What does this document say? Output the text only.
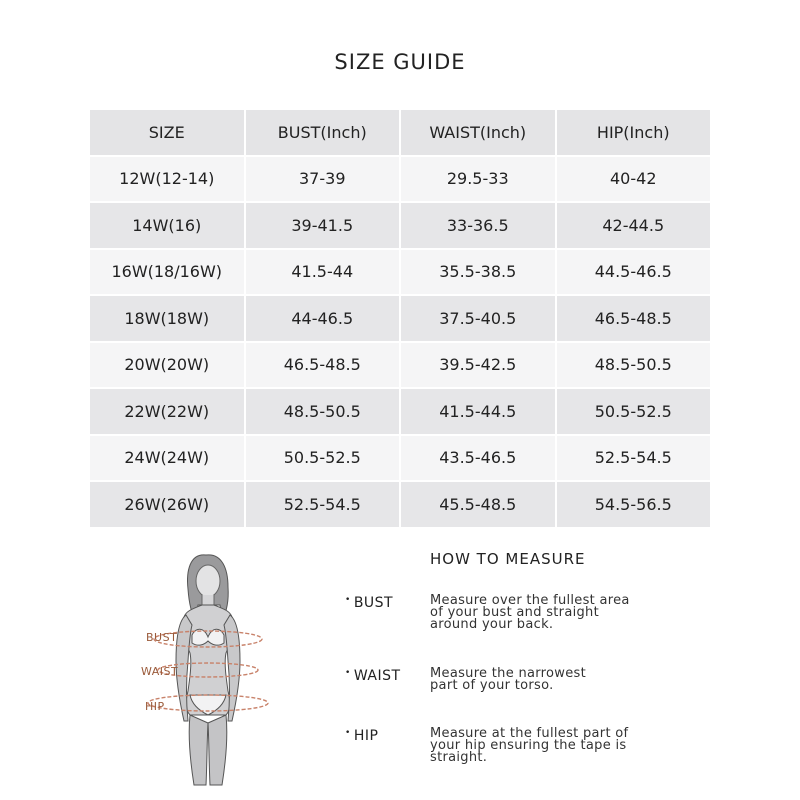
SIZE GUIDE
SIZE	BUST(Inch)	WAIST(Inch)	HIP(Inch)
12W(12-14)	37-39	29.5-33	40-42
14W(16)	39-41.5	33-36.5	42-44.5
16W(18/16W)	41.5-44	35.5-38.5	44.5-46.5
18W(18W)	44-46.5	37.5-40.5	46.5-48.5
20W(20W)	46.5-48.5	39.5-42.5	48.5-50.5
22W(22W)	48.5-50.5	41.5-44.5	50.5-52.5
24W(24W)	50.5-52.5	43.5-46.5	52.5-54.5
26W(26W)	52.5-54.5	45.5-48.5	54.5-56.5
BUST
WAIST
HIP
HOW TO MEASURE
• BUST	Measure over the fullest area
of your bust and straight
around your back.
• WAIST Measure the narrowest
part of your torso.
• HIP	Measure at the fullest part of
your hip ensuring the tape is
straight.
